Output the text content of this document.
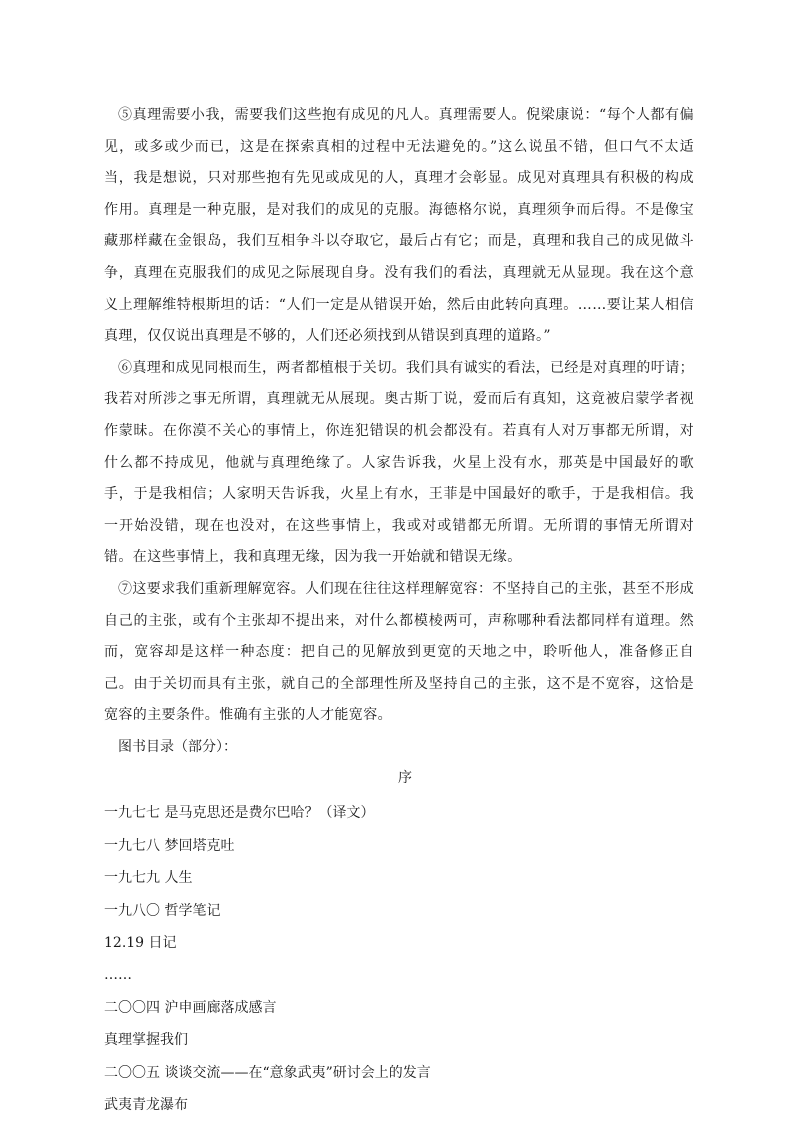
⑤真理需要小我，需要我们这些抱有成见的凡人。真理需要人。倪梁康说：“每个人都有偏见，或多或少而已，这是在探索真相的过程中无法避免的。”这么说虽不错，但口气不太适当，我是想说，只对那些抱有先见或成见的人，真理才会彰显。成见对真理具有积极的构成作用。真理是一种克服，是对我们的成见的克服。海德格尔说，真理须争而后得。不是像宝藏那样藏在金银岛，我们互相争斗以夺取它，最后占有它；而是，真理和我自己的成见做斗争，真理在克服我们的成见之际展现自身。没有我们的看法，真理就无从显现。我在这个意义上理解维特根斯坦的话：“人们一定是从错误开始，然后由此转向真理。……要让某人相信真理，仅仅说出真理是不够的，人们还必须找到从错误到真理的道路。”

⑥真理和成见同根而生，两者都植根于关切。我们具有诚实的看法，已经是对真理的吁请；我若对所涉之事无所谓，真理就无从展现。奥古斯丁说，爱而后有真知，这竟被启蒙学者视作蒙昧。在你漠不关心的事情上，你连犯错误的机会都没有。若真有人对万事都无所谓，对什么都不持成见，他就与真理绝缘了。人家告诉我，火星上没有水，那英是中国最好的歌手，于是我相信；人家明天告诉我，火星上有水，王菲是中国最好的歌手，于是我相信。我一开始没错，现在也没对，在这些事情上，我或对或错都无所谓。无所谓的事情无所谓对错。在这些事情上，我和真理无缘，因为我一开始就和错误无缘。

⑦这要求我们重新理解宽容。人们现在往往这样理解宽容：不坚持自己的主张，甚至不形成自己的主张，或有个主张却不提出来，对什么都模棱两可，声称哪种看法都同样有道理。然而，宽容却是这样一种态度：把自己的见解放到更宽的天地之中，聆听他人，准备修正自己。由于关切而具有主张，就自己的全部理性所及坚持自己的主张，这不是不宽容，这恰是宽容的主要条件。惟确有主张的人才能宽容。

图书目录（部分）：

序

一九七七 是马克思还是费尔巴哈？（译文）
一九七八 梦回塔克吐
一九七九 人生
一九八〇 哲学笔记
12.19 日记
……
二〇〇四 沪申画廊落成感言
真理掌握我们
二〇〇五 谈谈交流——在“意象武夷”研讨会上的发言
武夷青龙瀑布
